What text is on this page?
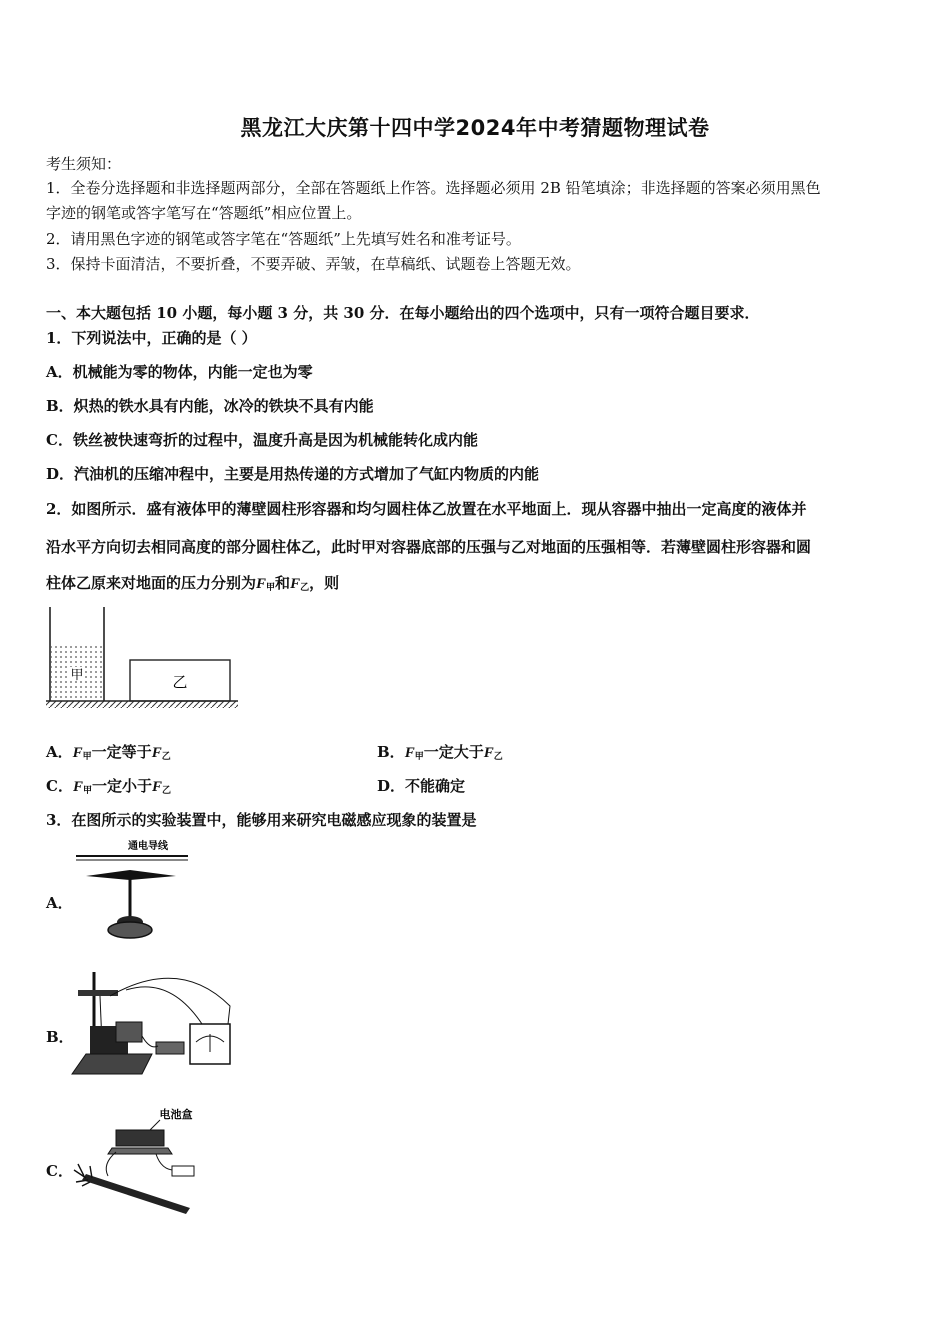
黑龙江大庆第十四中学2024年中考猜题物理试卷
考生须知：
1．全卷分选择题和非选择题两部分，全部在答题纸上作答。选择题必须用 2B 铅笔填涂；非选择题的答案必须用黑色
字迹的钢笔或答字笔写在“答题纸”相应位置上。
2．请用黑色字迹的钢笔或答字笔在“答题纸”上先填写姓名和准考证号。
3．保持卡面清洁，不要折叠，不要弄破、弄皱，在草稿纸、试题卷上答题无效。
一、本大题包括 10 小题，每小题 3 分，共 30 分．在每小题给出的四个选项中，只有一项符合题目要求．
1．下列说法中，正确的是（ ）
A．机械能为零的物体，内能一定也为零
B．炽热的铁水具有内能，冰冷的铁块不具有内能
C．铁丝被快速弯折的过程中，温度升高是因为机械能转化成内能
D．汽油机的压缩冲程中，主要是用热传递的方式增加了气缸内物质的内能
2．如图所示．盛有液体甲的薄壁圆柱形容器和均匀圆柱体乙放置在水平地面上．现从容器中抽出一定高度的液体并
沿水平方向切去相同高度的部分圆柱体乙，此时甲对容器底部的压强与乙对地面的压强相等．若薄壁圆柱形容器和圆
柱体乙原来对地面的压力分别为$F_甲$和$F_乙$，则
甲	乙
A．$F_甲$一定等于$F_乙$	B．$F_甲$一定大于$F_乙$
C．$F_甲$一定小于$F_乙$	D．不能确定
3．在图所示的实验装置中，能够用来研究电磁感应现象的装置是
A．
通电导线
B．
C．
电池盒
